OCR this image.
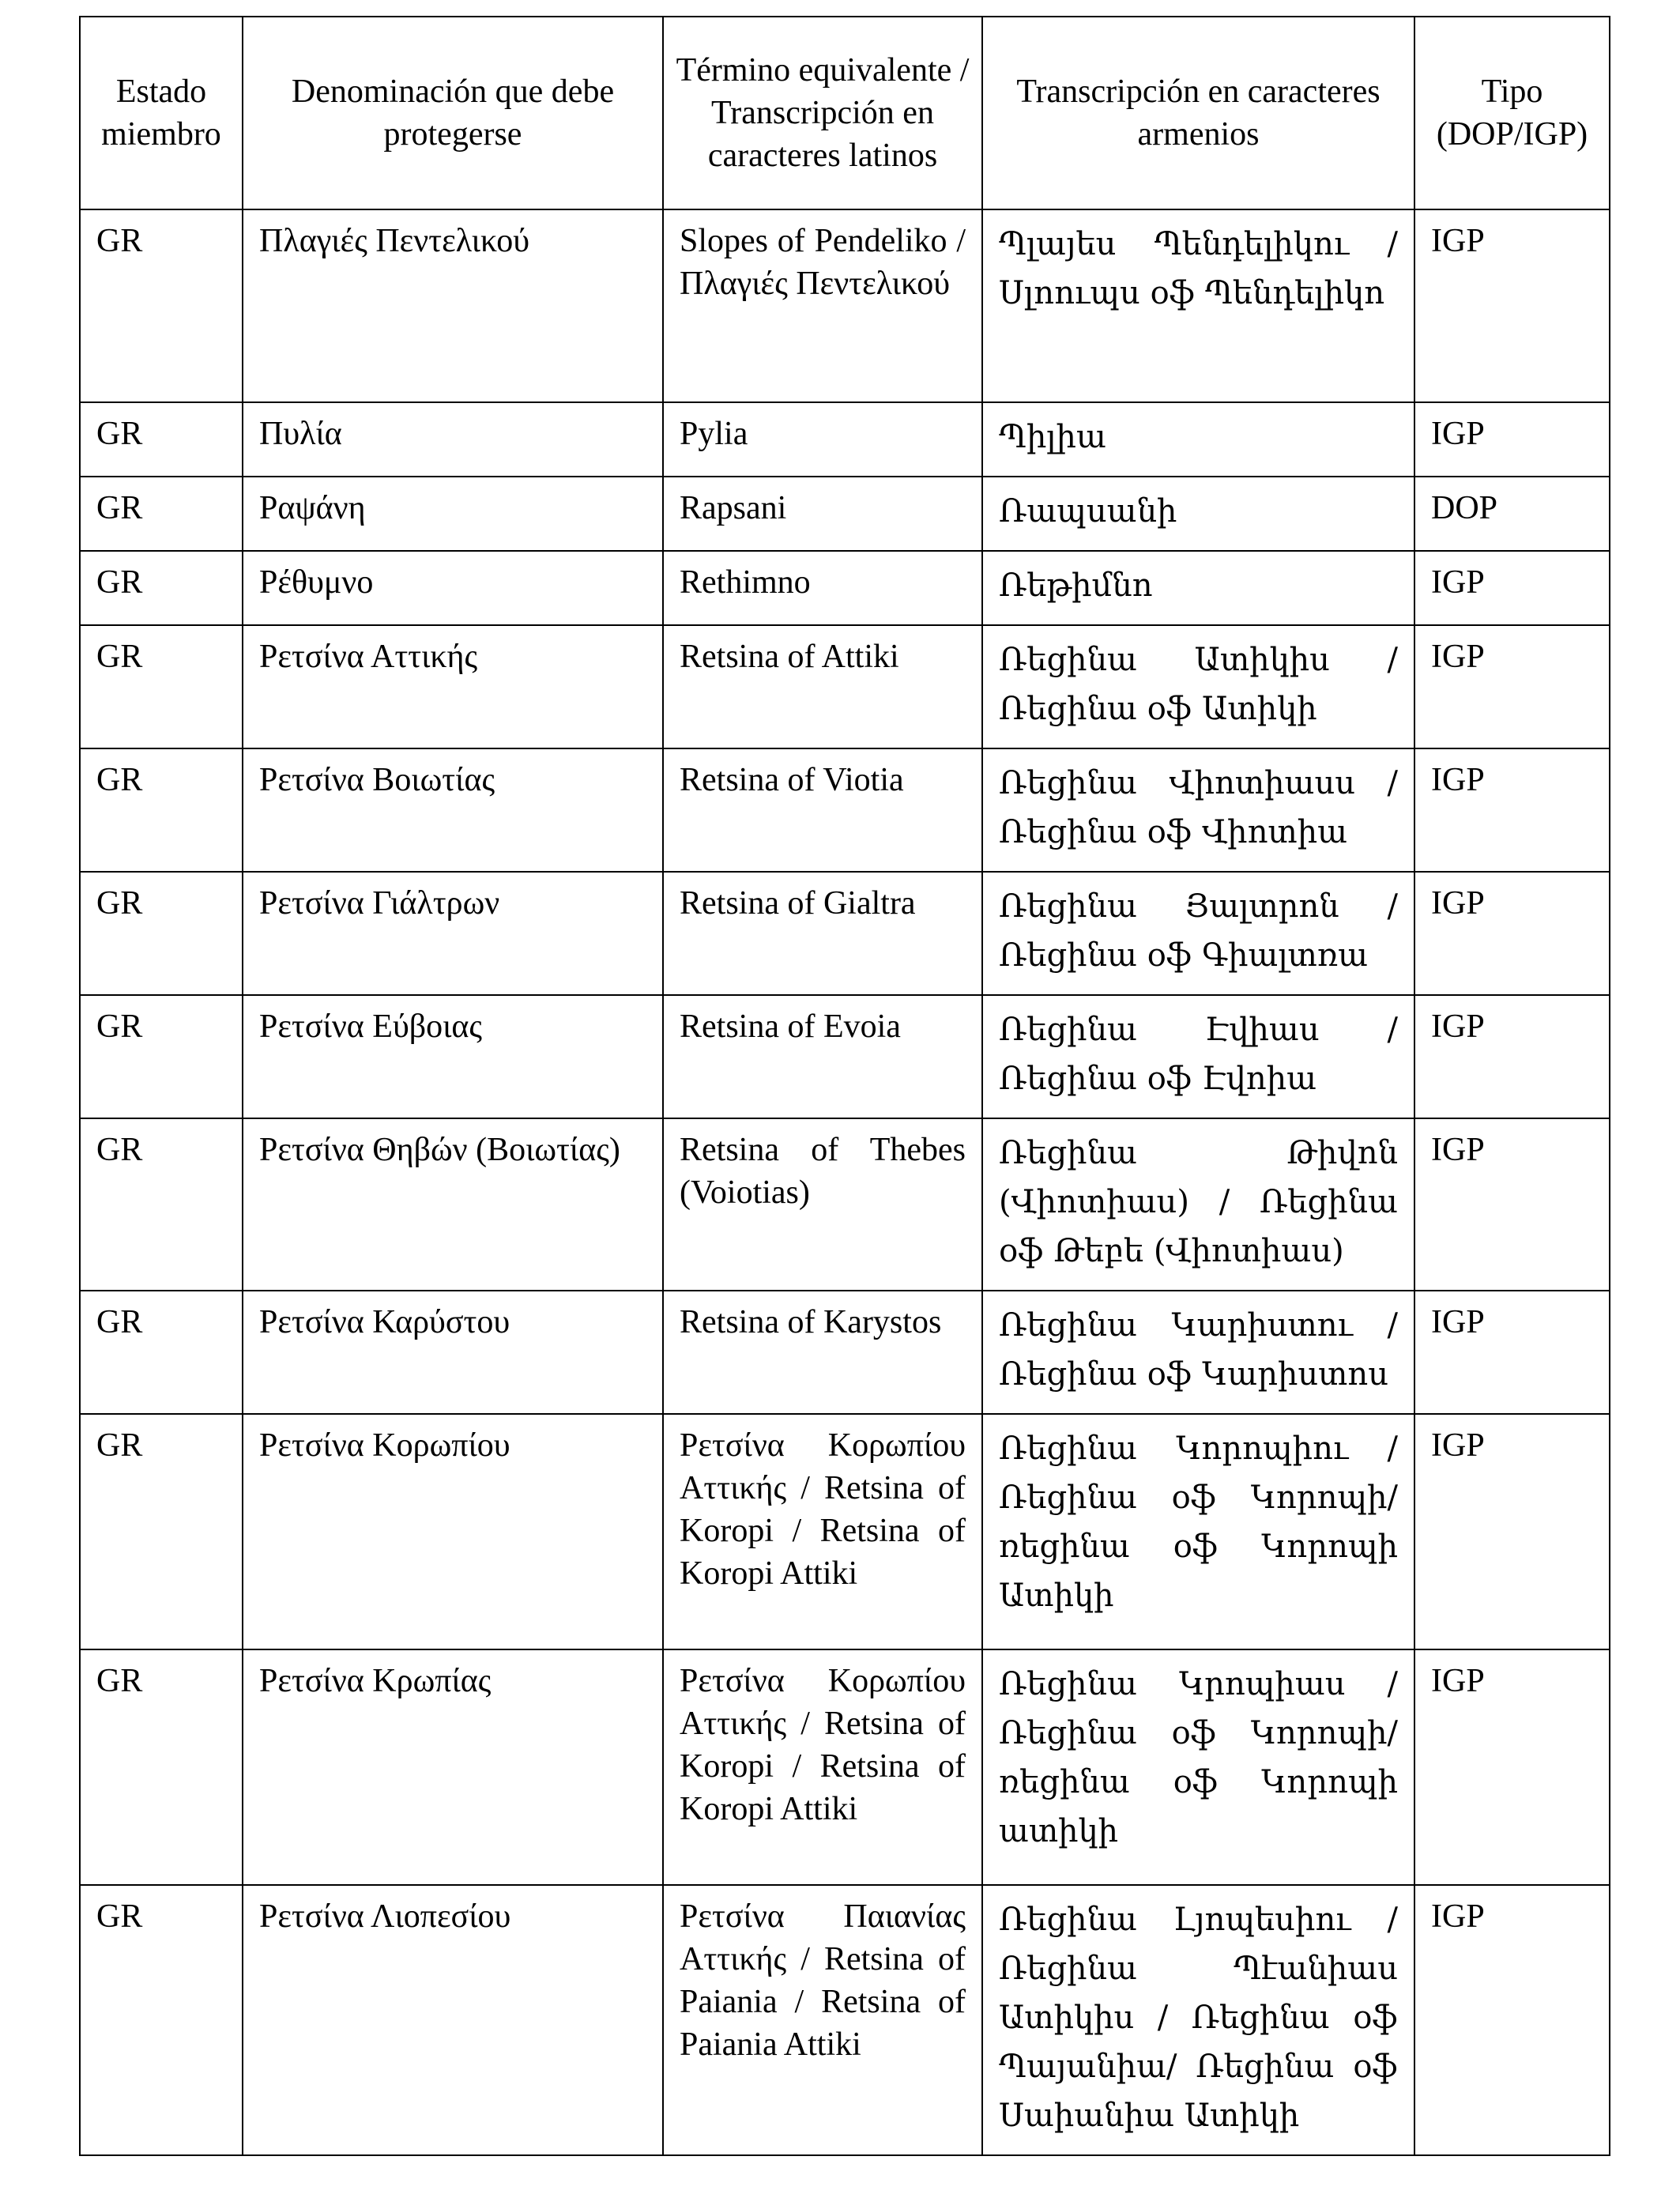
Estado miembro	Denominación que debe protegerse	Término equivalente / Transcripción en caracteres latinos	Transcripción en caracteres armenios	Tipo (DOP/IGP)
GR	Πλαγιές Πεντελικού	Slopes of Pendeliko / Πλαγιές Πεντελικού	Պլայես Պենդելիկու / Սլոուպս օֆ Պենդելիկո	IGP
GR	Πυλία	Pylia	Պիլիա	IGP
GR	Ραψάνη	Rapsani	Ռապսանի	DOP
GR	Ρέθυμνο	Rethimno	Ռեթիմնո	IGP
GR	Ρετσίνα Αττικής	Retsina of Attiki	Ռեցինա Ատիկիս / Ռեցինա օֆ Ատիկի	IGP
GR	Ρετσίνα Βοιωτίας	Retsina of Viotia	Ռեցինա Վիոտիասս / Ռեցինա օֆ Վիոտիա	IGP
GR	Ρετσίνα Γιάλτρων	Retsina of Gialtra	Ռեցինա Յալտրոն / Ռեցինա օֆ Գիալտռա	IGP
GR	Ρετσίνα Εύβοιας	Retsina of Evoia	Ռեցինա Էվիաս / Ռեցինա օֆ Էվոիա	IGP
GR	Ρετσίνα Θηβών (Βοιωτίας)	Retsina of Thebes (Voiotias)	Ռեցինա Թիվոն (Վիոտիաս) / Ռեցինա օֆ Թեբե (Վիոտիաս)	IGP
GR	Ρετσίνα Καρύστου	Retsina of Karystos	Ռեցինա Կարիստու / Ռեցինա օֆ Կարիստոս	IGP
GR	Ρετσίνα Κορωπίου	Ρετσίνα Κορωπίου Αττικής / Retsina of Koropi / Retsina of Koropi Attiki	Ռեցինա Կորոպիու / Ռեցինա օֆ Կորոպի/ ռեցինա օֆ Կորոպի Ատիկի	IGP
GR	Ρετσίνα Κρωπίας	Ρετσίνα Κορωπίου Αττικής / Retsina of Koropi / Retsina of Koropi Attiki	Ռեցինա Կրոպիաս / Ռեցինա օֆ Կորոպի/ ռեցինա օֆ Կորոպի ատիկի	IGP
GR	Ρετσίνα Λιοπεσίου	Ρετσίνα Παιανίας Αττικής / Retsina of Paiania / Retsina of Paiania Attiki	Ռեցինա Լյոպեսիու / Ռեցինա Պէանիաս Ատիկիս / Ռեցինա օֆ Պայանիա/ Ռեցինա օֆ Սաիանիա Ատիկի	IGP
